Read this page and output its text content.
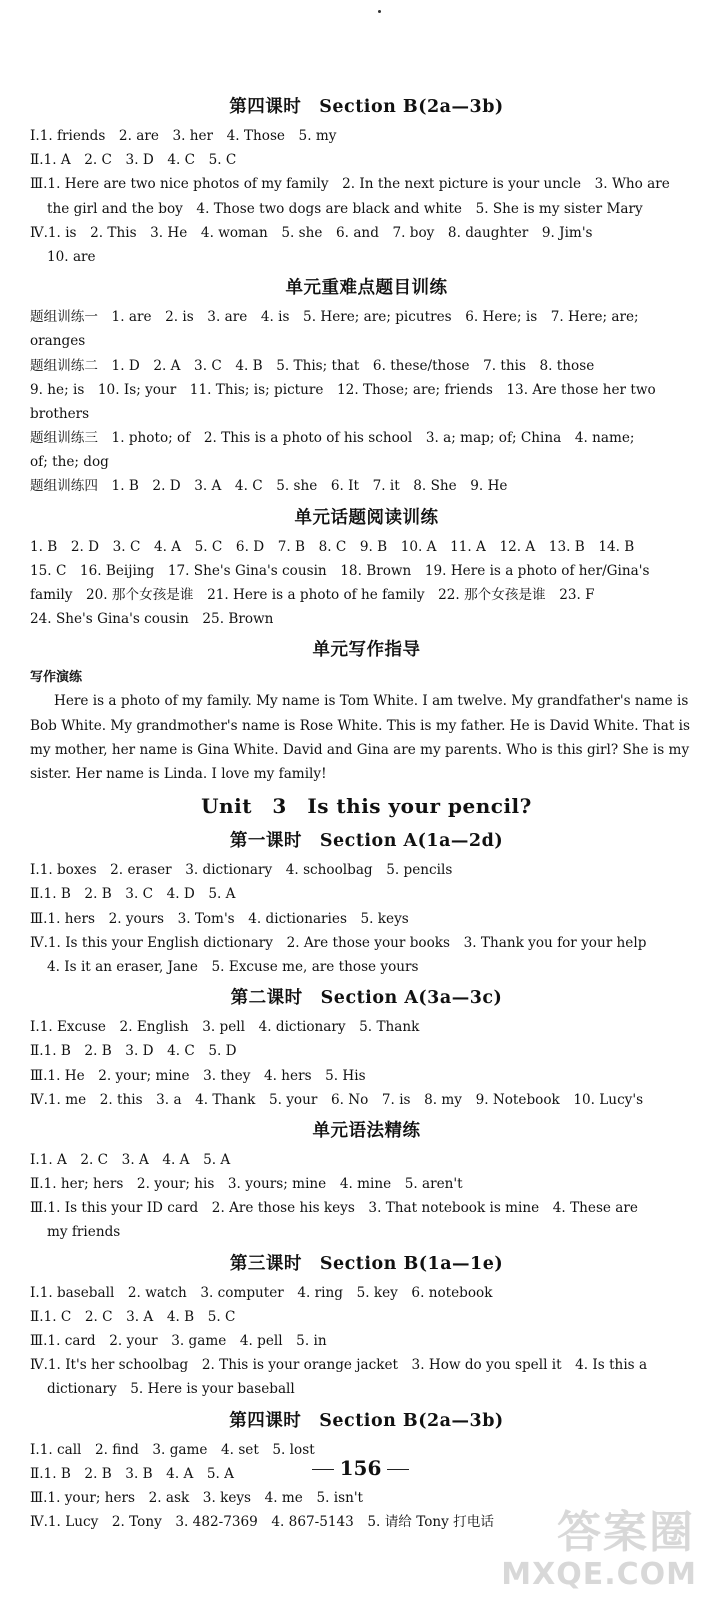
第四课时　Section B(2a—3b)
Ⅰ.1. friends　2. are　3. her　4. Those　5. my
Ⅱ.1. A　2. C　3. D　4. C　5. C
Ⅲ.1. Here are two nice photos of my family　2. In the next picture is your uncle　3. Who are
the girl and the boy　4. Those two dogs are black and white　5. She is my sister Mary
Ⅳ.1. is　2. This　3. He　4. woman　5. she　6. and　7. boy　8. daughter　9. Jim's
10. are
单元重难点题目训练
题组训练一　1. are　2. is　3. are　4. is　5. Here; are; picutres　6. Here; is　7. Here; are;
oranges
题组训练二　1. D　2. A　3. C　4. B　5. This; that　6. these/those　7. this　8. those
9. he; is　10. Is; your　11. This; is; picture　12. Those; are; friends　13. Are those her two
brothers
题组训练三　1. photo; of　2. This is a photo of his school　3. a; map; of; China　4. name;
of; the; dog
题组训练四　1. B　2. D　3. A　4. C　5. she　6. It　7. it　8. She　9. He
单元话题阅读训练
1. B　2. D　3. C　4. A　5. C　6. D　7. B　8. C　9. B　10. A　11. A　12. A　13. B　14. B
15. C　16. Beijing　17. She's Gina's cousin　18. Brown　19. Here is a photo of her/Gina's
family　20. 那个女孩是谁　21. Here is a photo of he family　22. 那个女孩是谁　23. F
24. She's Gina's cousin　25. Brown
单元写作指导
写作演练

Here is a photo of my family. My name is Tom White. I am twelve. My grandfather's name is Bob White. My grandmother's name is Rose White. This is my father. He is David White. That is my mother, her name is Gina White. David and Gina are my parents. Who is this girl? She is my sister. Her name is Linda. I love my family!

Unit　3　Is this your pencil?
第一课时　Section A(1a—2d)
Ⅰ.1. boxes　2. eraser　3. dictionary　4. schoolbag　5. pencils
Ⅱ.1. B　2. B　3. C　4. D　5. A
Ⅲ.1. hers　2. yours　3. Tom's　4. dictionaries　5. keys
Ⅳ.1. Is this your English dictionary　2. Are those your books　3. Thank you for your help
4. Is it an eraser, Jane　5. Excuse me, are those yours
第二课时　Section A(3a—3c)
Ⅰ.1. Excuse　2. English　3. pell　4. dictionary　5. Thank
Ⅱ.1. B　2. B　3. D　4. C　5. D
Ⅲ.1. He　2. your; mine　3. they　4. hers　5. His
Ⅳ.1. me　2. this　3. a　4. Thank　5. your　6. No　7. is　8. my　9. Notebook　10. Lucy's
单元语法精练
Ⅰ.1. A　2. C　3. A　4. A　5. A
Ⅱ.1. her; hers　2. your; his　3. yours; mine　4. mine　5. aren't
Ⅲ.1. Is this your ID card　2. Are those his keys　3. That notebook is mine　4. These are
my friends
第三课时　Section B(1a—1e)
Ⅰ.1. baseball　2. watch　3. computer　4. ring　5. key　6. notebook
Ⅱ.1. C　2. C　3. A　4. B　5. C
Ⅲ.1. card　2. your　3. game　4. pell　5. in
Ⅳ.1. It's her schoolbag　2. This is your orange jacket　3. How do you spell it　4. Is this a
dictionary　5. Here is your baseball
第四课时　Section B(2a—3b)
Ⅰ.1. call　2. find　3. game　4. set　5. lost
Ⅱ.1. B　2. B　3. B　4. A　5. A
Ⅲ.1. your; hers　2. ask　3. keys　4. me　5. isn't
Ⅳ.1. Lucy　2. Tony　3. 482-7369　4. 867-5143　5. 请给 Tony 打电话
156
答案圈
MXQE.COM
